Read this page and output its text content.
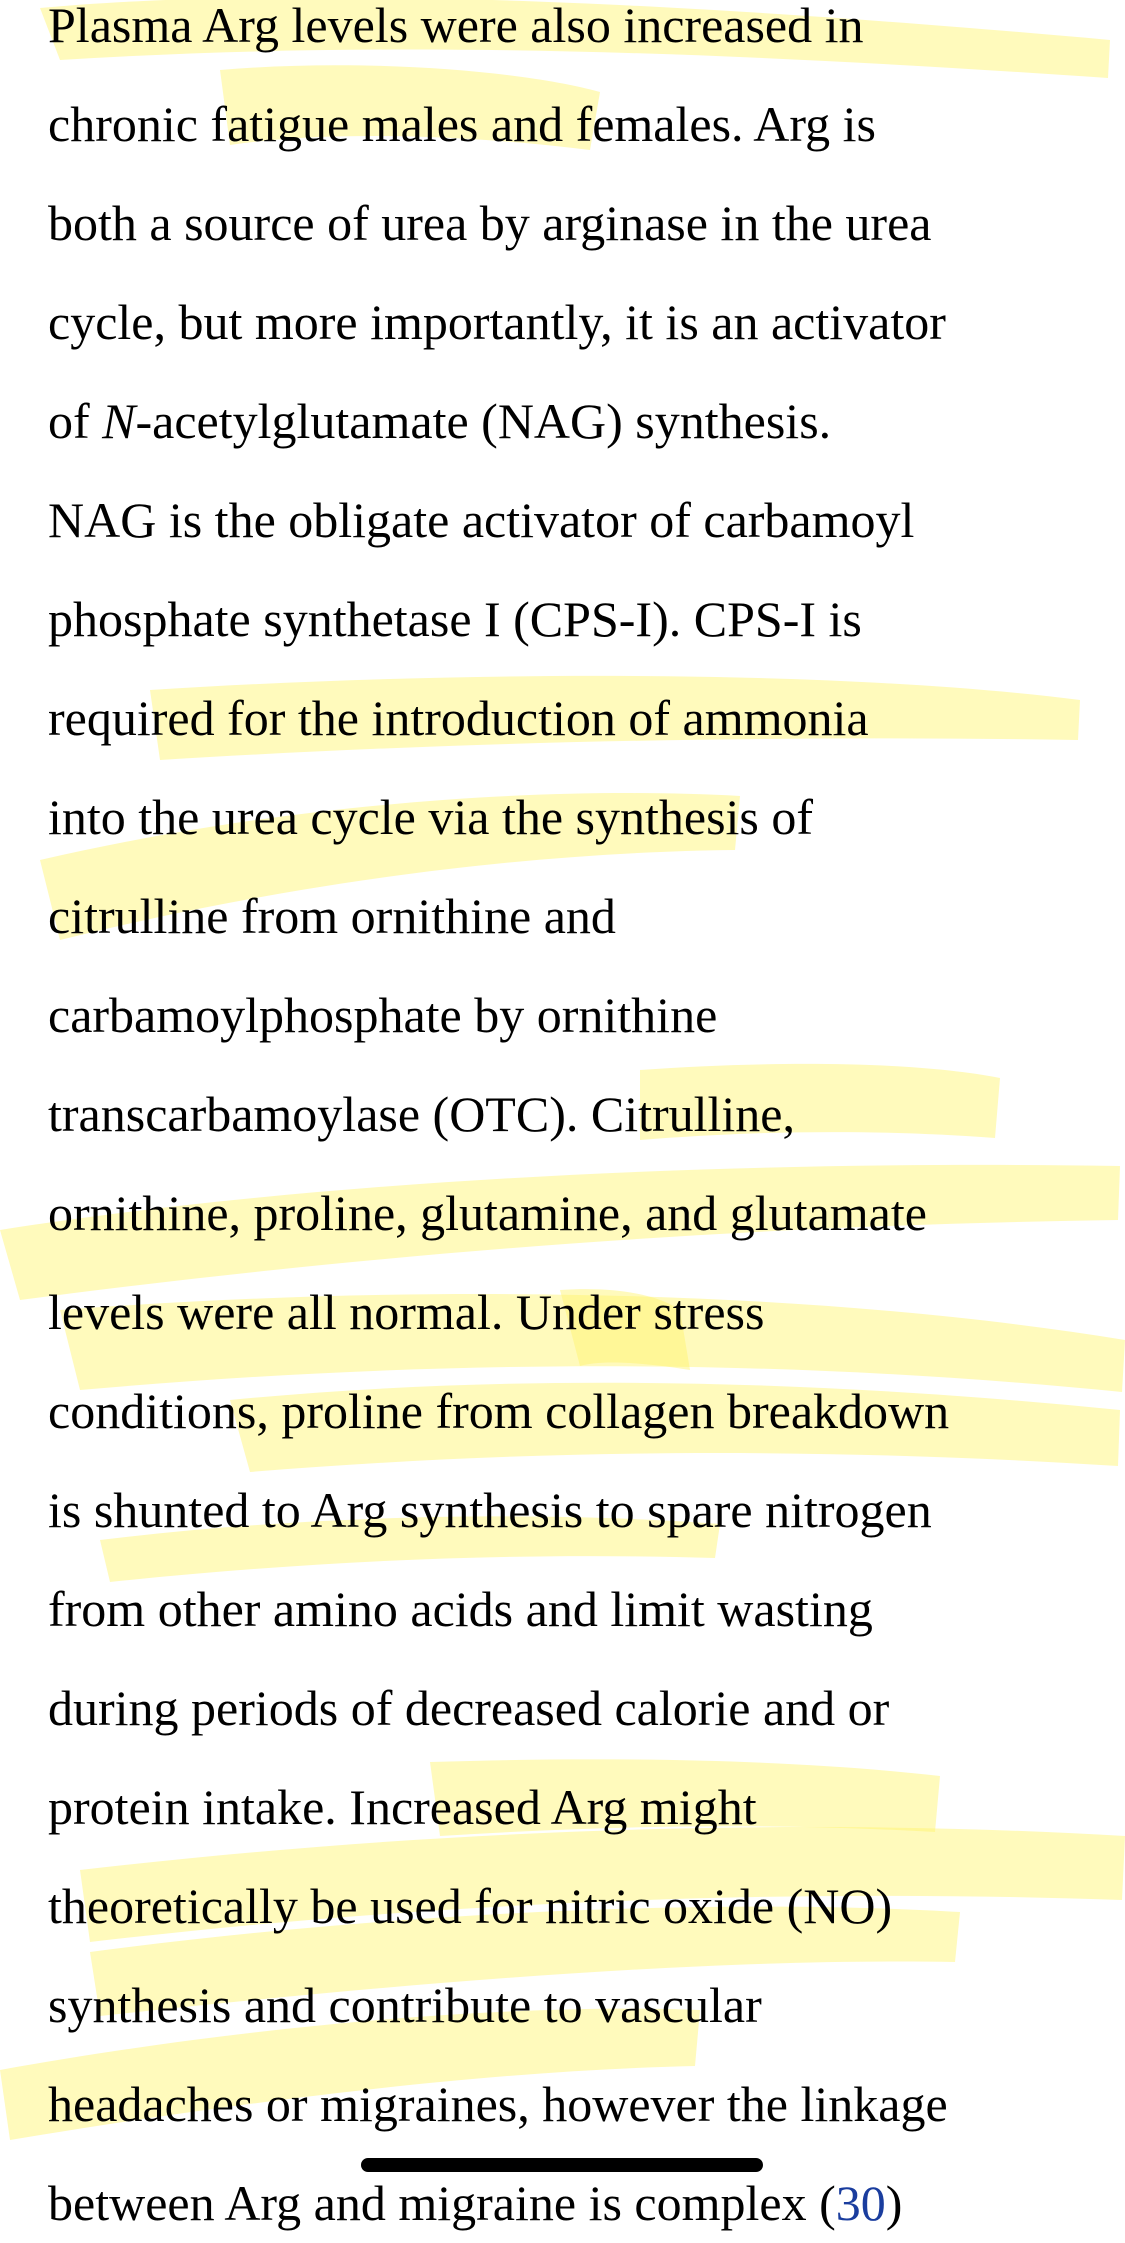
Plasma Arg levels were also increased in
chronic fatigue males and females. Arg is
both a source of urea by arginase in the urea
cycle, but more importantly, it is an activator
of N-acetylglutamate (NAG) synthesis.
NAG is the obligate activator of carbamoyl
phosphate synthetase I (CPS-I). CPS-I is
required for the introduction of ammonia
into the urea cycle via the synthesis of
citrulline from ornithine and
carbamoylphosphate by ornithine
transcarbamoylase (OTC). Citrulline,
ornithine, proline, glutamine, and glutamate
levels were all normal. Under stress
conditions, proline from collagen breakdown
is shunted to Arg synthesis to spare nitrogen
from other amino acids and limit wasting
during periods of decreased calorie and or
protein intake. Increased Arg might
theoretically be used for nitric oxide (NO)
synthesis and contribute to vascular
headaches or migraines, however the linkage
between Arg and migraine is complex (30)
